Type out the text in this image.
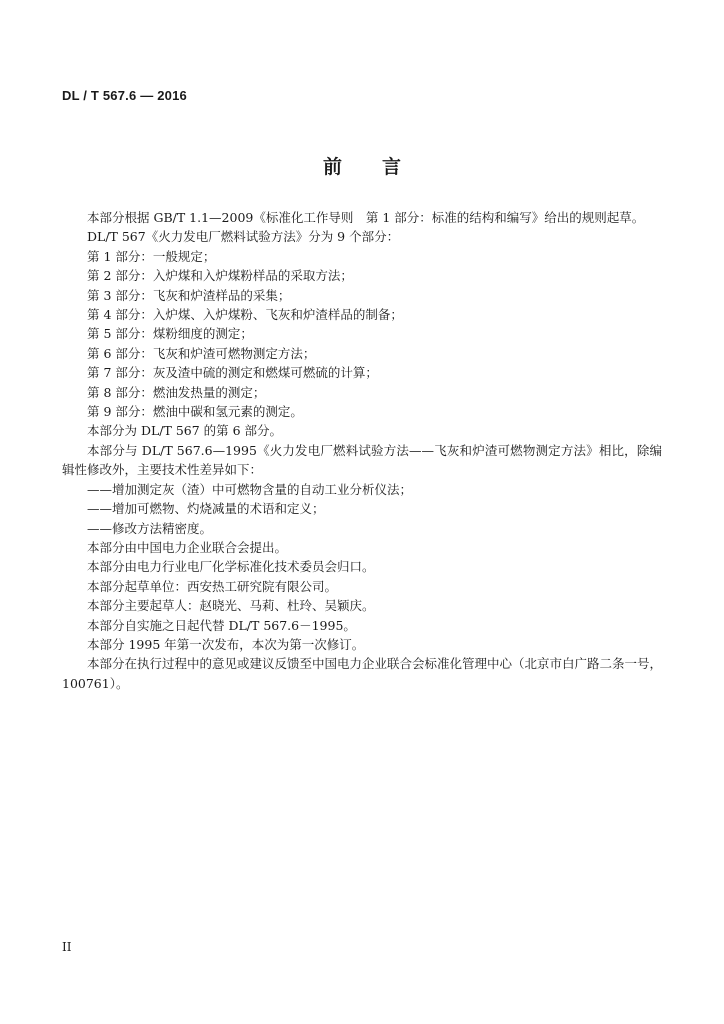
DL / T 567.6 — 2016
前言

本部分根据 GB/T 1.1—2009《标准化工作导则　第 1 部分：标准的结构和编写》给出的规则起草。

DL/T 567《火力发电厂燃料试验方法》分为 9 个部分：

第 1 部分：一般规定；

第 2 部分：入炉煤和入炉煤粉样品的采取方法；

第 3 部分：飞灰和炉渣样品的采集；

第 4 部分：入炉煤、入炉煤粉、飞灰和炉渣样品的制备；

第 5 部分：煤粉细度的测定；

第 6 部分：飞灰和炉渣可燃物测定方法；

第 7 部分：灰及渣中硫的测定和燃煤可燃硫的计算；

第 8 部分：燃油发热量的测定；

第 9 部分：燃油中碳和氢元素的测定。

本部分为 DL/T 567 的第 6 部分。

本部分与 DL/T 567.6—1995《火力发电厂燃料试验方法——飞灰和炉渣可燃物测定方法》相比，除编辑性修改外，主要技术性差异如下：

——增加测定灰（渣）中可燃物含量的自动工业分析仪法；

——增加可燃物、灼烧减量的术语和定义；

——修改方法精密度。

本部分由中国电力企业联合会提出。

本部分由电力行业电厂化学标准化技术委员会归口。

本部分起草单位：西安热工研究院有限公司。

本部分主要起草人：赵晓光、马莉、杜玲、吴颖庆。

本部分自实施之日起代替 DL/T 567.6－1995。

本部分 1995 年第一次发布，本次为第一次修订。

本部分在执行过程中的意见或建议反馈至中国电力企业联合会标准化管理中心（北京市白广路二条一号，100761）。

II
